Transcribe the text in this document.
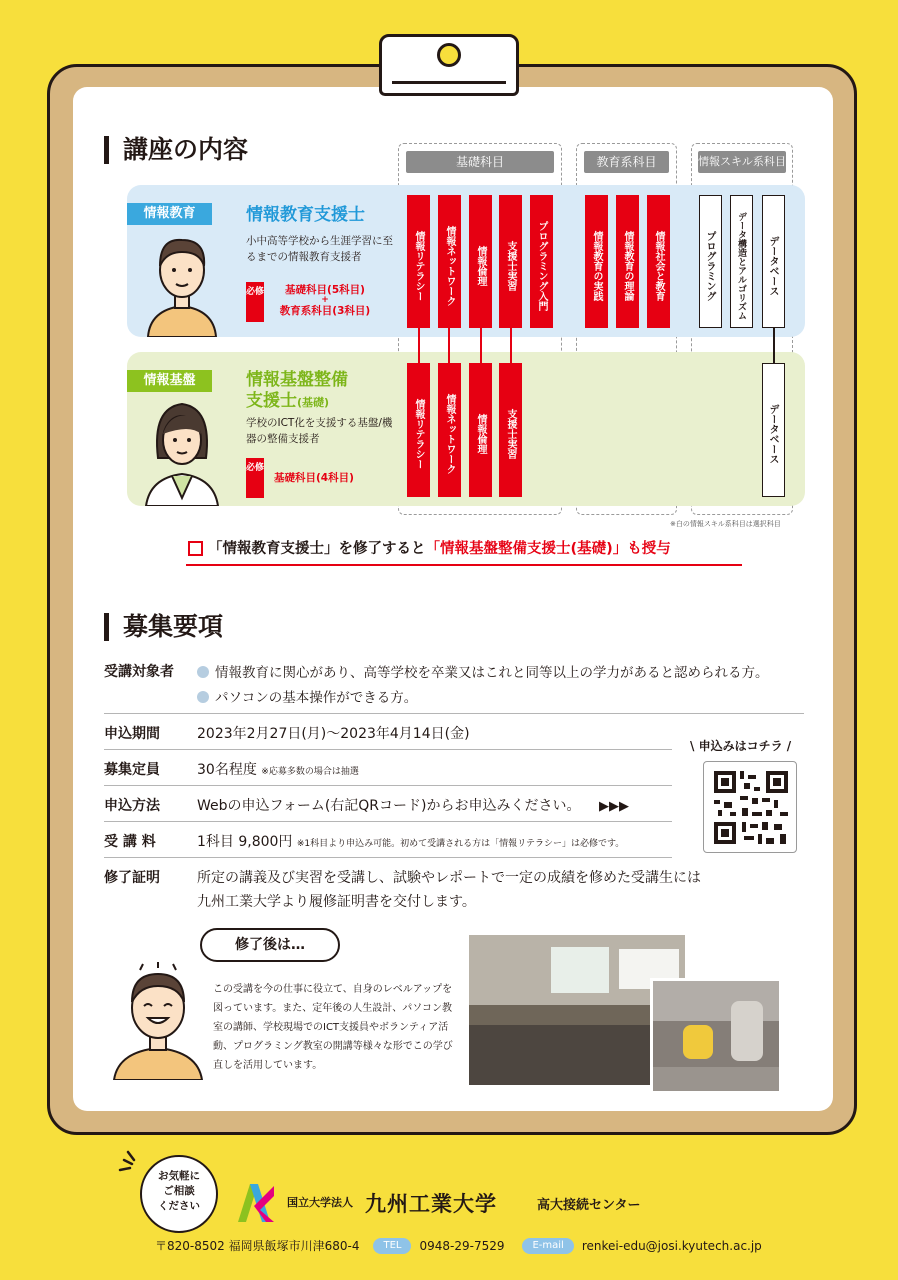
講座の内容	基礎科目	教育系科目	情報スキル系科目
情報教育	情報教育支援士
小中高等学校から生涯学習に至るまでの情報教育支援者
必修	基礎科目(5科目)
+
教育系科目(3科目)
情報基盤	情報基盤整備
支援士(基礎)
学校のICT化を支援する基盤/機器の整備支援者
必修
基礎科目(4科目)
情報リテラシー	情報ネットワーク	情報倫理	支援士実習	プログラミング入門	情報教育の実践	情報教育の理論	情報社会と教育	プログラミング	データ構造とアルゴリズム	データベース
情報リテラシー	情報ネットワーク	情報倫理	支援士実習	データベース
※白の情報スキル系科目は選択科目
「情報教育支援士」を修了すると「情報基盤整備支援士(基礎)」も授与
募集要項
受講対象者	情報教育に関心があり、高等学校を卒業又はこれと同等以上の学力があると認められる方。
パソコンの基本操作ができる方。
申込期間	2023年2月27日(月)～2023年4月14日(金)
募集定員	30名程度 ※応募多数の場合は抽選
申込方法	Webの申込フォーム(右記QRコード)からお申込みください。 ▶▶▶
受 講 料	1科目 9,800円 ※1科目より申込み可能。初めて受講される方は「情報リテラシー」は必修です。
修了証明	所定の講義及び実習を受講し、試験やレポートで一定の成績を修めた受講生には
九州工業大学より履修証明書を交付します。
\ 申込みはコチラ /
修了後は…
この受講を今の仕事に役立て、自身のレベルアップを図っています。また、定年後の人生設計、パソコン教室の講師、学校現場でのICT支援員やボランティア活動、プログラミング教室の開講等様々な形でこの学び直しを活用しています。
お気軽に
ご相談
ください	国立大学法人 九州工業大学	高大接続センター
〒820-8502 福岡県飯塚市川津680-4	TEL	0948-29-7529	E-mail	renkei-edu@josi.kyutech.ac.jp
